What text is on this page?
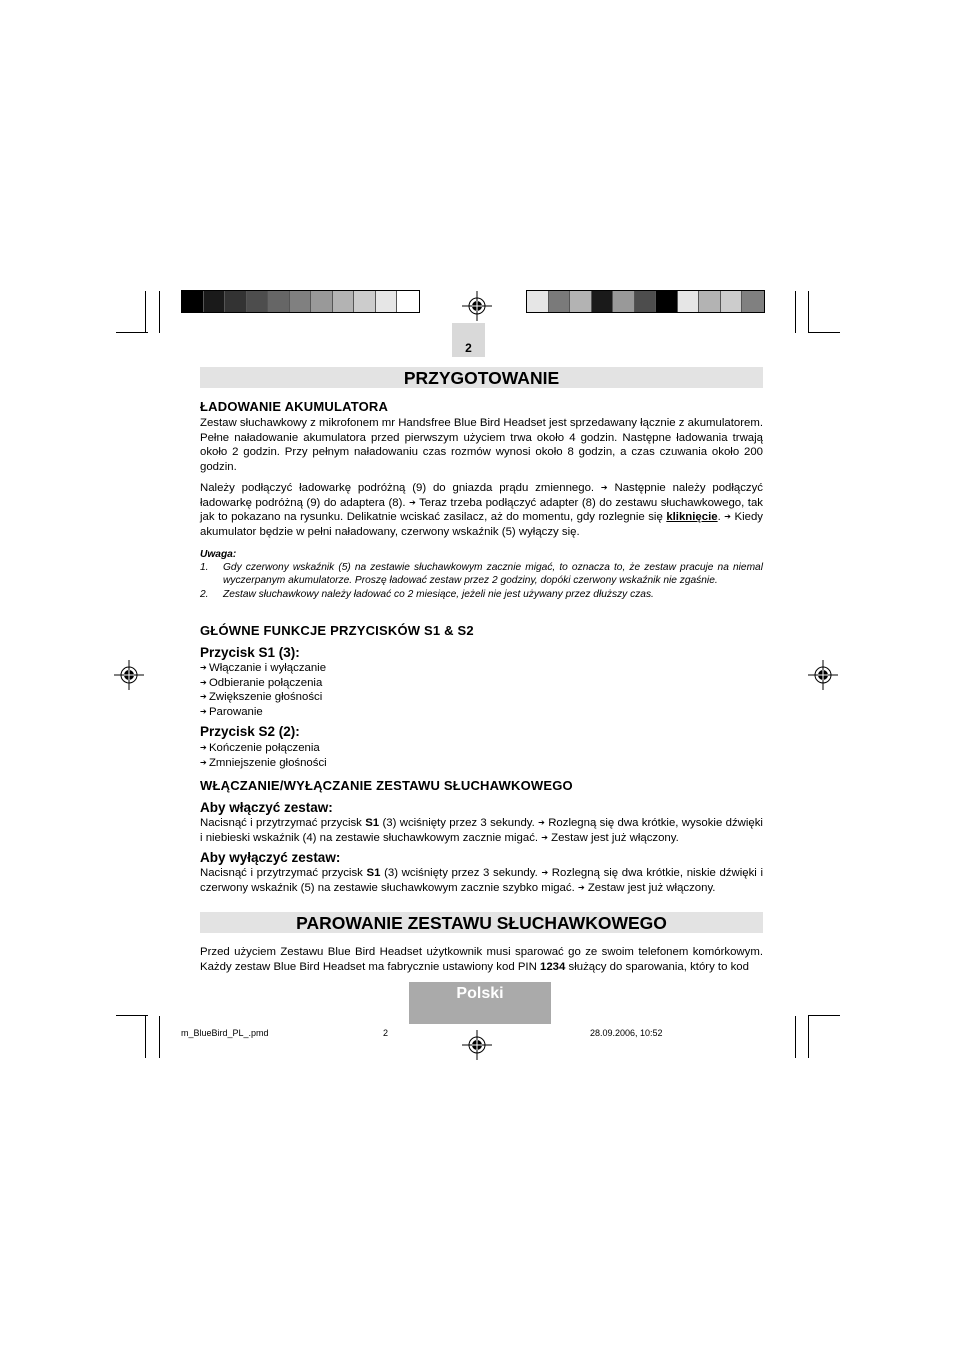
2
PRZYGOTOWANIE
ŁADOWANIE AKUMULATORA
Zestaw słuchawkowy z mikrofonem mr Handsfree Blue Bird Headset jest sprzedawany łącznie z akumulatorem. Pełne naładowanie akumulatora przed pierwszym użyciem trwa około 4 godzin. Następne ładowania trwają około 2 godzin. Przy pełnym naładowaniu czas rozmów wynosi około 8 godzin, a czas czuwania około 200 godzin.
Należy podłączyć ładowarkę podróżną (9) do gniazda prądu zmiennego. ➔ Następnie należy podłączyć ładowarkę podróżną (9) do adaptera (8). ➔ Teraz trzeba podłączyć adapter (8) do zestawu słuchawkowego, tak jak to pokazano na rysunku. Delikatnie wciskać zasilacz, aż do momentu, gdy rozlegnie się kliknięcie. ➔ Kiedy akumulator będzie w pełni naładowany, czerwony wskaźnik (5) wyłączy się.
Uwaga:
1.	Gdy czerwony wskaźnik (5) na zestawie słuchawkowym zacznie migać, to oznacza to, że zestaw pracuje na niemal wyczerpanym akumulatorze. Proszę ładować zestaw przez 2 godziny, dopóki czerwony wskaźnik nie zgaśnie.
2.	Zestaw słuchawkowy należy ładować co 2 miesiące, jeżeli nie jest używany przez dłuższy czas.
GŁÓWNE FUNKCJE PRZYCISKÓW S1 & S2
Przycisk S1 (3):
➔ Włączanie i wyłączanie
➔ Odbieranie połączenia
➔ Zwiększenie głośności
➔ Parowanie
Przycisk S2 (2):
➔ Kończenie połączenia
➔ Zmniejszenie głośności
WŁĄCZANIE/WYŁĄCZANIE ZESTAWU SŁUCHAWKOWEGO
Aby włączyć zestaw:
Nacisnąć i przytrzymać przycisk S1 (3) wciśnięty przez 3 sekundy. ➔ Rozlegną się dwa krótkie, wysokie dźwięki i niebieski wskaźnik (4) na zestawie słuchawkowym zacznie migać. ➔ Zestaw jest już włączony.
Aby wyłączyć zestaw:
Nacisnąć i przytrzymać przycisk S1 (3) wciśnięty przez 3 sekundy. ➔ Rozlegną się dwa krótkie, niskie dźwięki i czerwony wskaźnik (5) na zestawie słuchawkowym zacznie szybko migać. ➔ Zestaw jest już włączony.
PAROWANIE ZESTAWU SŁUCHAWKOWEGO
Przed użyciem Zestawu Blue Bird Headset użytkownik musi sparować go ze swoim telefonem komórkowym. Każdy zestaw Blue Bird Headset ma fabrycznie ustawiony kod PIN 1234 służący do sparowania, który to kod
Polski
m_BlueBird_PL_.pmd	2	28.09.2006, 10:52
